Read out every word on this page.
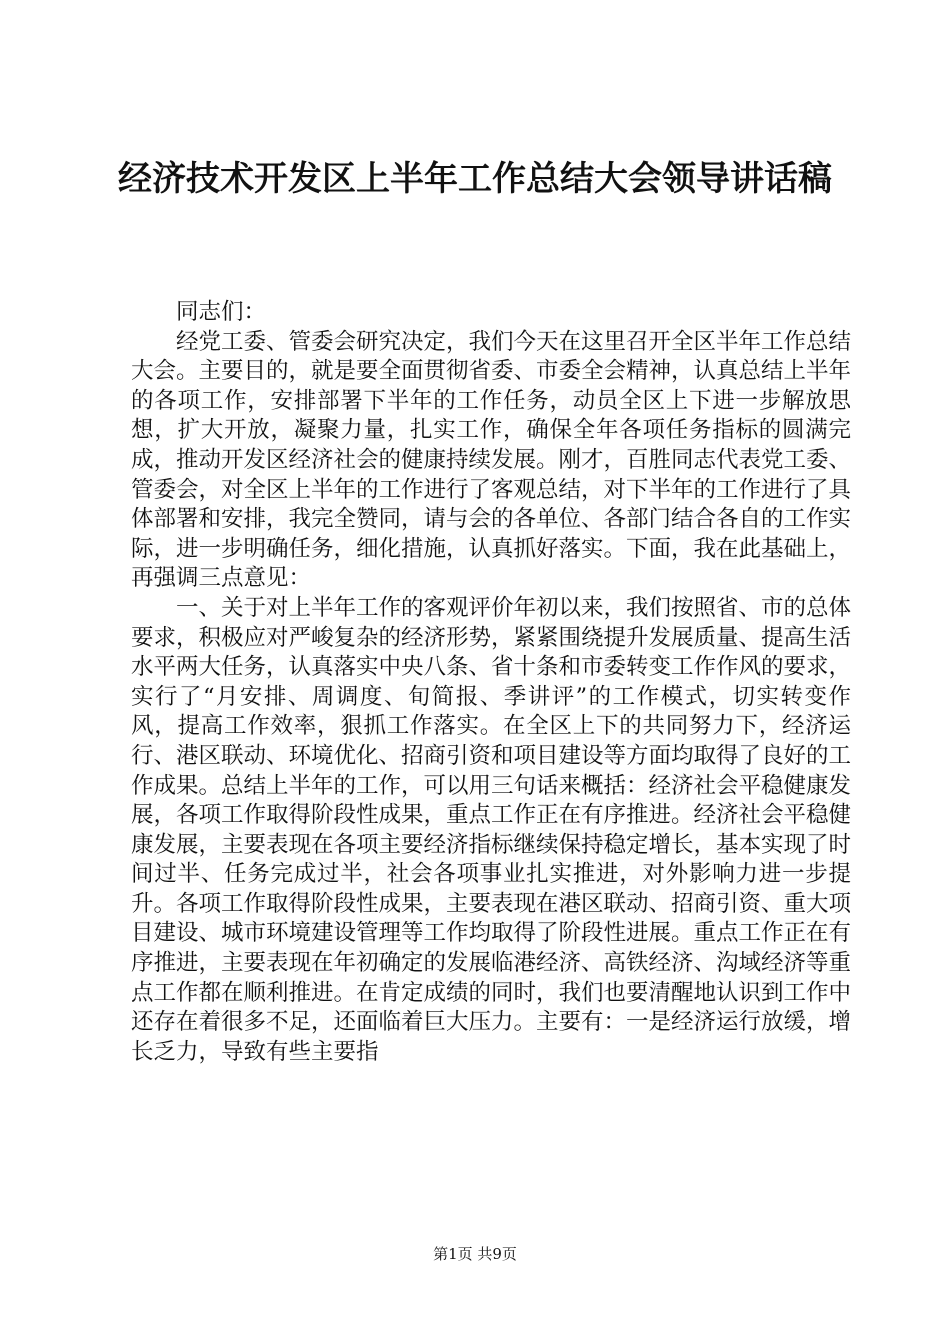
经济技术开发区上半年工作总结大会领导讲话稿

同志们：

经党工委、管委会研究决定，我们今天在这里召开全区半年工作总结大会。主要目的，就是要全面贯彻省委、市委全会精神，认真总结上半年的各项工作，安排部署下半年的工作任务，动员全区上下进一步解放思想，扩大开放，凝聚力量，扎实工作，确保全年各项任务指标的圆满完成，推动开发区经济社会的健康持续发展。刚才，百胜同志代表党工委、管委会，对全区上半年的工作进行了客观总结，对下半年的工作进行了具体部署和安排，我完全赞同，请与会的各单位、各部门结合各自的工作实际，进一步明确任务，细化措施，认真抓好落实。下面，我在此基础上，再强调三点意见：

一、关于对上半年工作的客观评价年初以来，我们按照省、市的总体要求，积极应对严峻复杂的经济形势，紧紧围绕提升发展质量、提高生活水平两大任务，认真落实中央八条、省十条和市委转变工作作风的要求，实行了“月安排、周调度、旬简报、季讲评”的工作模式，切实转变作风，提高工作效率，狠抓工作落实。在全区上下的共同努力下，经济运行、港区联动、环境优化、招商引资和项目建设等方面均取得了良好的工作成果。总结上半年的工作，可以用三句话来概括：经济社会平稳健康发展，各项工作取得阶段性成果，重点工作正在有序推进。经济社会平稳健康发展，主要表现在各项主要经济指标继续保持稳定增长，基本实现了时间过半、任务完成过半，社会各项事业扎实推进，对外影响力进一步提升。各项工作取得阶段性成果，主要表现在港区联动、招商引资、重大项目建设、城市环境建设管理等工作均取得了阶段性进展。重点工作正在有序推进，主要表现在年初确定的发展临港经济、高铁经济、沟域经济等重点工作都在顺利推进。在肯定成绩的同时，我们也要清醒地认识到工作中还存在着很多不足，还面临着巨大压力。主要有：一是经济运行放缓，增长乏力，导致有些主要指

第1页 共9页
